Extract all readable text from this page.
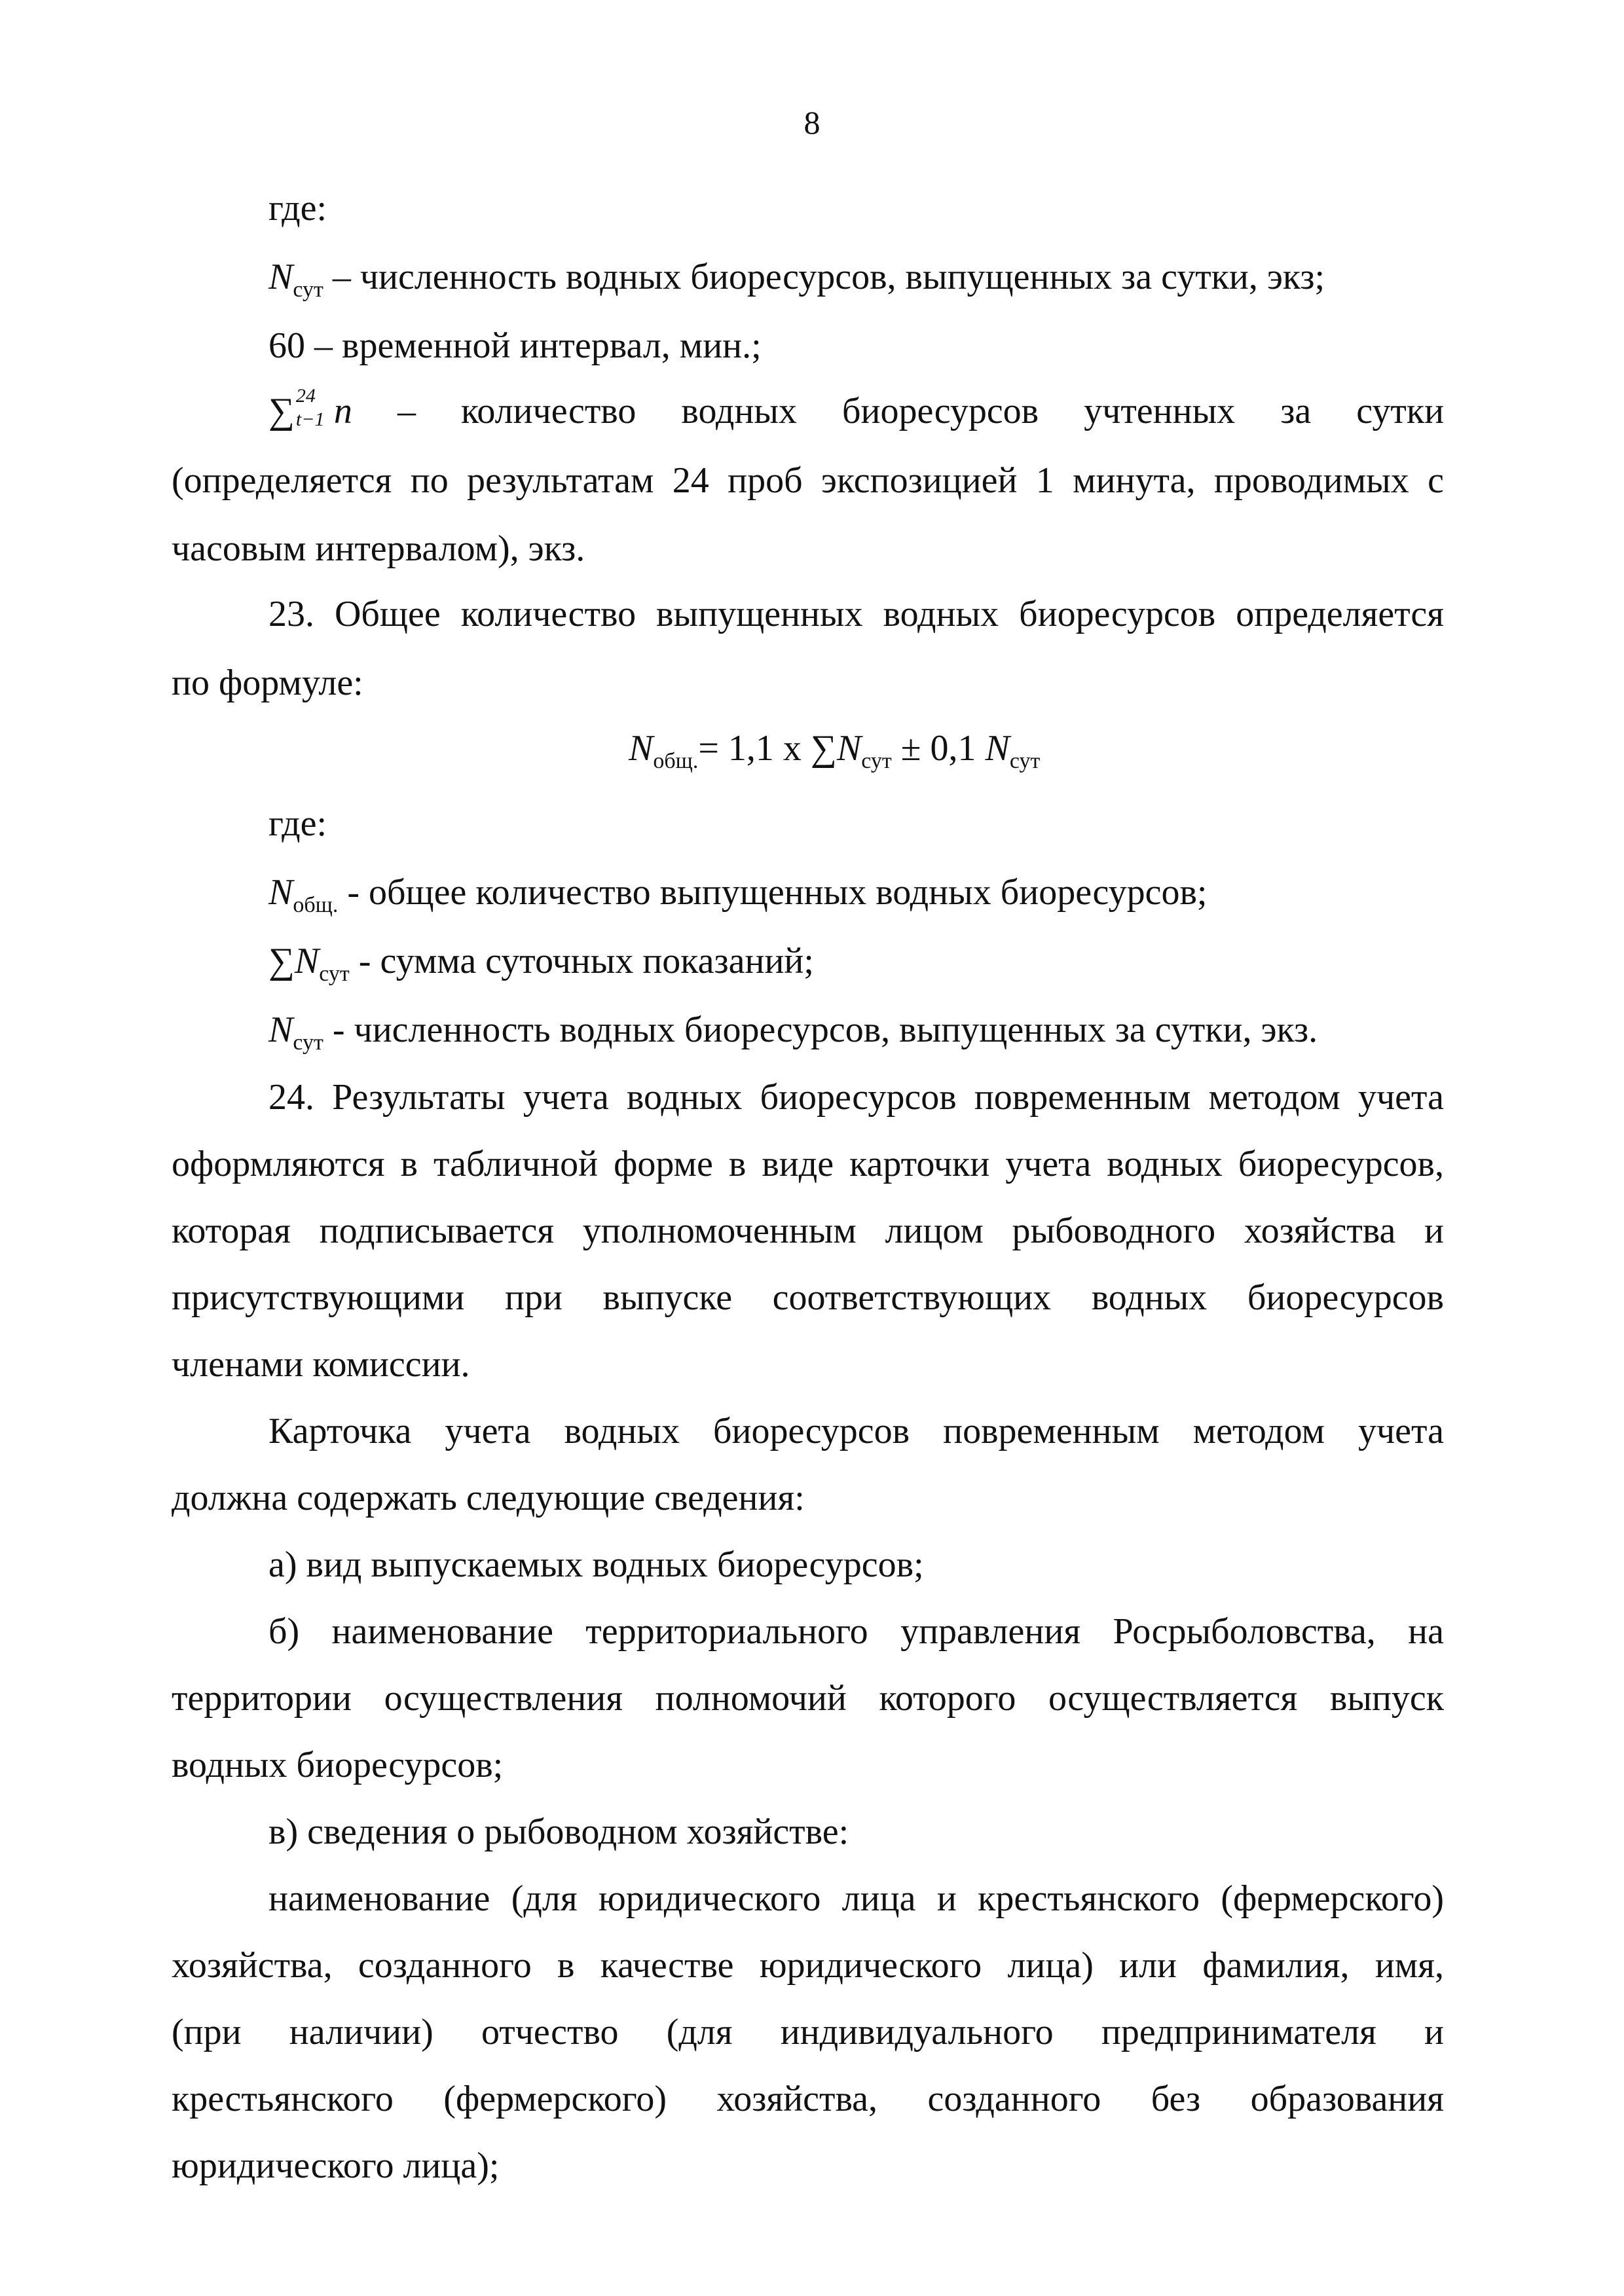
8
где:
$N_{сут}$ – численность водных биоресурсов, выпущенных за сутки, экз;
60 – временной интервал, мин.;
∑ 24
t−1 n – количество водных биоресурсов учтенных за сутки
(определяется по результатам 24 проб экспозицией 1 минута, проводимых с
часовым интервалом), экз.
23. Общее количество выпущенных водных биоресурсов определяется
по формуле:
$N_{общ.}= 1,1$ х $\sum N_{сут} \pm 0,1$ $N_{сут}$
где:
$N_{общ.}$ - общее количество выпущенных водных биоресурсов;
$\sum N_{сут}$ - сумма суточных показаний;
$N_{сут}$ - численность водных биоресурсов, выпущенных за сутки, экз.
24. Результаты учета водных биоресурсов повременным методом учета
оформляются в табличной форме в виде карточки учета водных биоресурсов,
которая подписывается уполномоченным лицом рыбоводного хозяйства и
присутствующими при выпуске соответствующих водных биоресурсов
членами комиссии.
Карточка учета водных биоресурсов повременным методом учета
должна содержать следующие сведения:
а) вид выпускаемых водных биоресурсов;
б) наименование территориального управления Росрыболовства, на
территории осуществления полномочий которого осуществляется выпуск
водных биоресурсов;
в) сведения о рыбоводном хозяйстве:
наименование (для юридического лица и крестьянского (фермерского)
хозяйства, созданного в качестве юридического лица) или фамилия, имя,
(при наличии) отчество (для индивидуального предпринимателя и
крестьянского (фермерского) хозяйства, созданного без образования
юридического лица);
